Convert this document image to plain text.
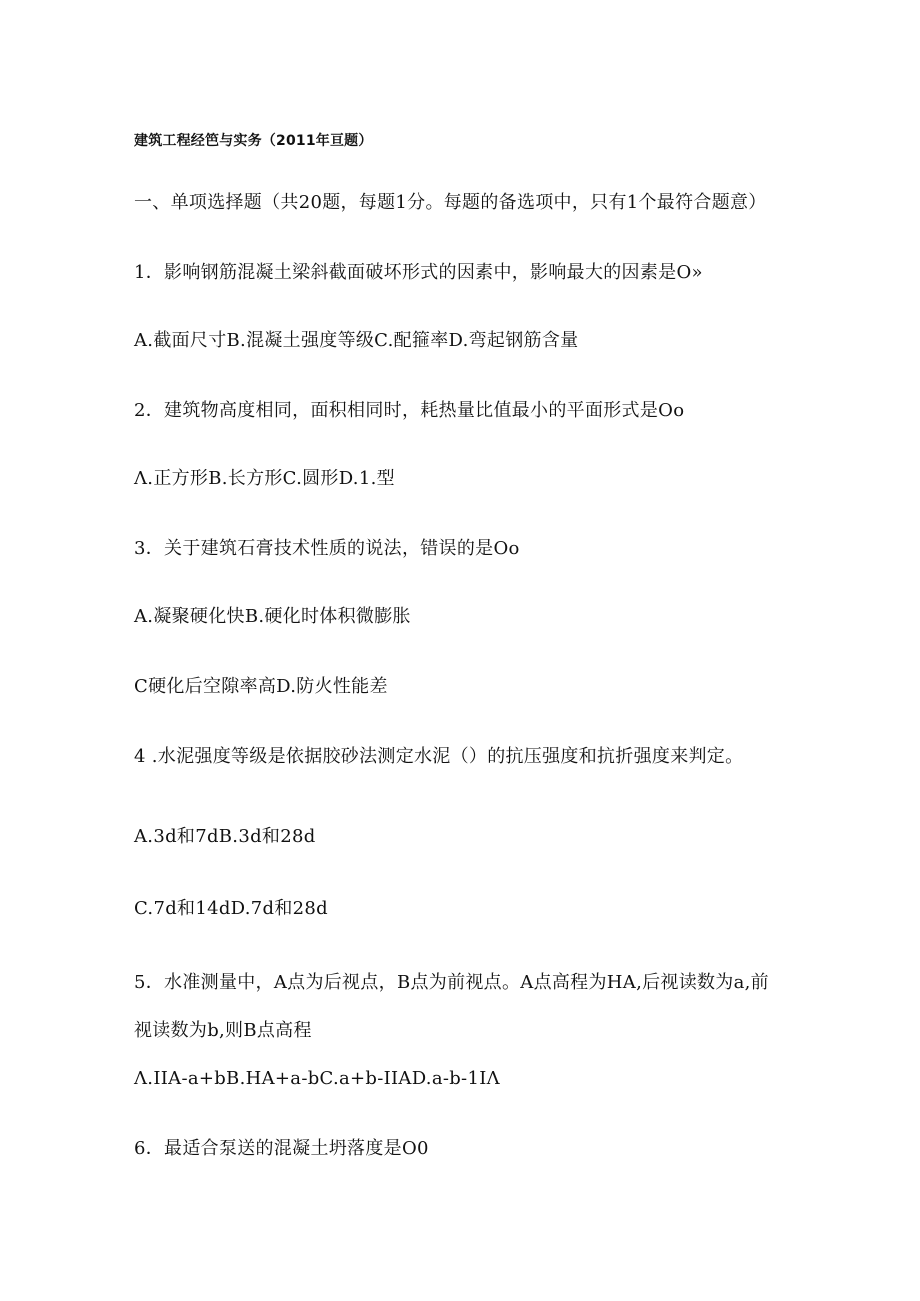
建筑工程经笆与实务（2011年亘题）
一、单项选择题（共20题，每题1分。每题的备选项中，只有1个最符合题意）
1．影响钢筋混凝土梁斜截面破坏形式的因素中，影响最大的因素是O»
A.截面尺寸B.混凝土强度等级C.配箍率D.弯起钢筋含量
2．建筑物高度相同，面积相同时，耗热量比值最小的平面形式是Oo
Λ.正方形B.长方形C.圆形D.1.型
3．关于建筑石膏技术性质的说法，错误的是Oo
A.凝聚硬化快B.硬化时体积微膨胀
C硬化后空隙率高D.防火性能差
4 .水泥强度等级是依据胶砂法测定水泥（）的抗压强度和抗折强度来判定。
A.3d和7dB.3d和28d
C.7d和14dD.7d和28d
5．水准测量中，A点为后视点，B点为前视点。A点高程为HA,后视读数为a,前
视读数为b,则B点高程
Λ.IIA-a+bB.HA+a-bC.a+b-IIAD.a-b-1IΛ
6．最适合泵送的混凝土坍落度是O0
